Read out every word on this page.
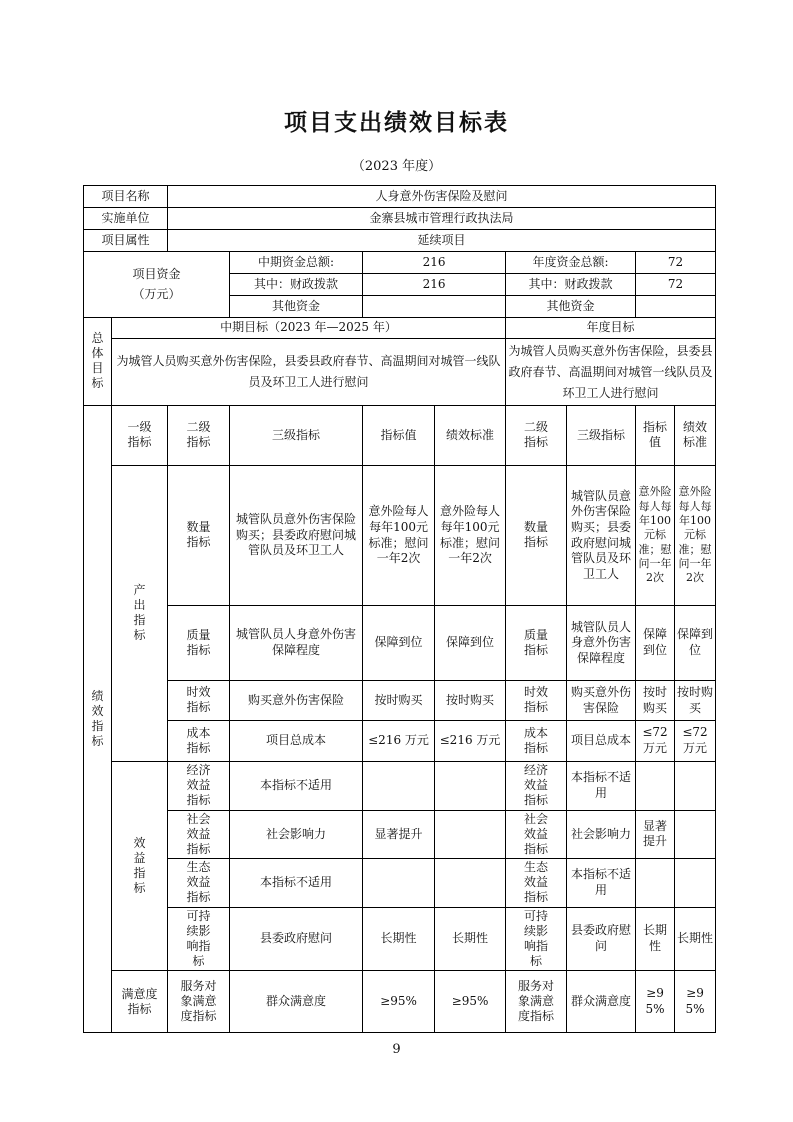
项目支出绩效目标表
（2023 年度）
项目名称		人身意外伤害保险及慰问							
实施单位		金寨县城市管理行政执法局							
项目属性		延续项目							
项目资金（万元）			中期资金总额:	216		年度资金总额:		72	
			其中：财政拨款	216		其中：财政拨款		72	
			其他资金			其他资金			
总体目标	中期目标（2023 年—2025 年）					年度目标			
	为城管人员购买意外伤害保险，县委县政府春节、高温期间对城管一线队员及环卫工人进行慰问					为城管人员购买意外伤害保险，县委县政府春节、高温期间对城管一线队员及环卫工人进行慰问			
绩效指标	一级指标	二级指标	三级指标	指标值	绩效标准	二级指标	三级指标	指标值	绩效标准
	产出指标	数量指标	城管队员意外伤害保险购买；县委政府慰问城管队员及环卫工人	意外险每人每年100元标准；慰问一年2次	意外险每人每年100元标准；慰问一年2次	数量指标	城管队员意外伤害保险购买；县委政府慰问城管队员及环卫工人	意外险每人每年100元标准；慰问一年2次	意外险每人每年100元标准；慰问一年2次
		质量指标	城管队员人身意外伤害保障程度	保障到位	保障到位	质量指标	城管队员人身意外伤害保障程度	保障到位	保障到位
		时效指标	购买意外伤害保险	按时购买	按时购买	时效指标	购买意外伤害保险	按时购买	按时购买
		成本指标	项目总成本	≤216 万元	≤216 万元	成本指标	项目总成本	≤72 万元	≤72 万元
	效益指标	经济效益指标	本指标不适用			经济效益指标	本指标不适用		
		社会效益指标	社会影响力	显著提升		社会效益指标	社会影响力	显著提升	
		生态效益指标	本指标不适用			生态效益指标	本指标不适用		
		可持续影响指标	县委政府慰问	长期性	长期性	可持续影响指标	县委政府慰问	长期性	长期性
	满意度指标	服务对象满意度指标	群众满意度	≥95%	≥95%	服务对象满意度指标	群众满意度	≥95%	≥95%
9
